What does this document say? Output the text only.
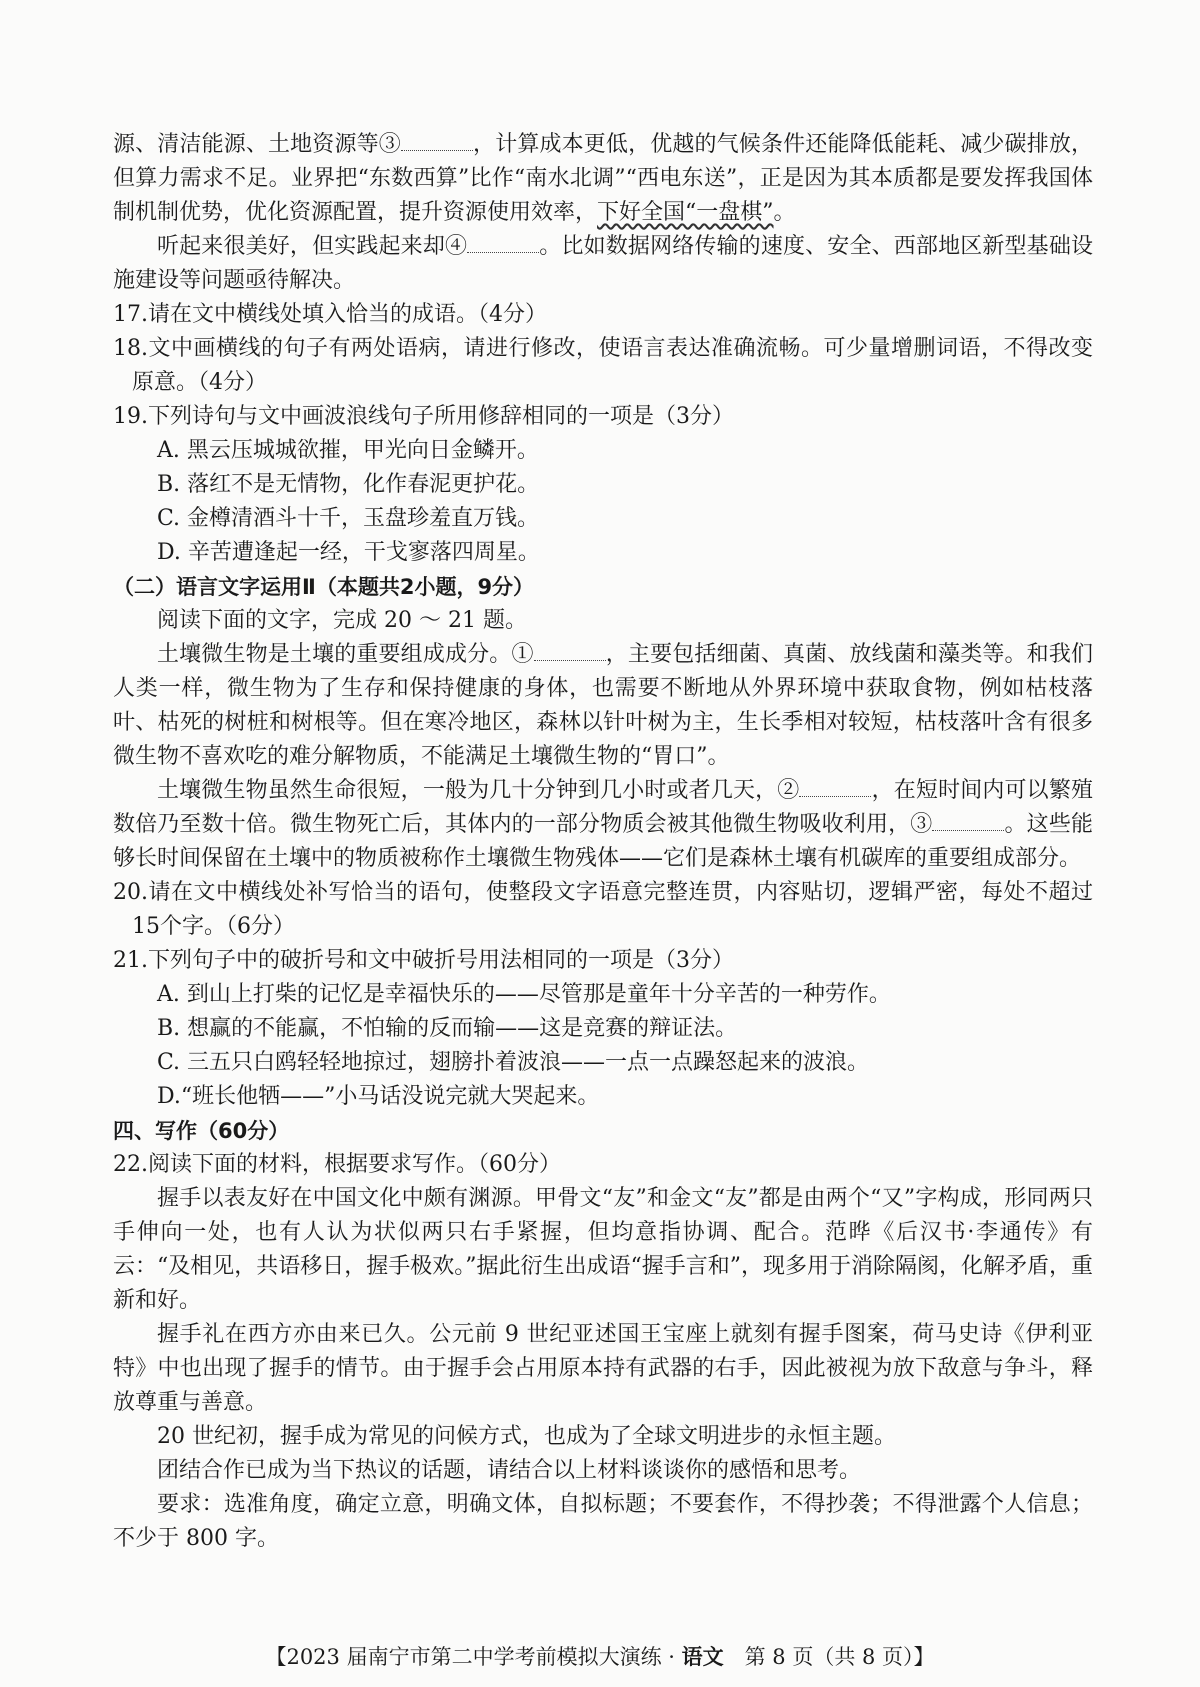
源、清洁能源、土地资源等③	，计算成本更低，优越的气候条件还能降低能耗、减少碳排放，但算力需求不足。业界把“东数西算”比作“南水北调”“西电东送”，正是因为其本质都是要发挥我国体制机制优势，优化资源配置，提升资源使用效率，下好全国“一盘棋”。

听起来很美好，但实践起来却④	。比如数据网络传输的速度、安全、西部地区新型基础设施建设等问题亟待解决。

17.请在文中横线处填入恰当的成语。（4分）

18.文中画横线的句子有两处语病，请进行修改，使语言表达准确流畅。可少量增删词语，不得改变原意。（4分）

19.下列诗句与文中画波浪线句子所用修辞相同的一项是（3分）

A. 黑云压城城欲摧，甲光向日金鳞开。

B. 落红不是无情物，化作春泥更护花。

C. 金樽清酒斗十千，玉盘珍羞直万钱。

D. 辛苦遭逢起一经，干戈寥落四周星。

（二）语言文字运用Ⅱ（本题共2小题，9分）

阅读下面的文字，完成 20 ～ 21 题。

土壤微生物是土壤的重要组成成分。①	，主要包括细菌、真菌、放线菌和藻类等。和我们人类一样，微生物为了生存和保持健康的身体，也需要不断地从外界环境中获取食物，例如枯枝落叶、枯死的树桩和树根等。但在寒冷地区，森林以针叶树为主，生长季相对较短，枯枝落叶含有很多微生物不喜欢吃的难分解物质，不能满足土壤微生物的“胃口”。

土壤微生物虽然生命很短，一般为几十分钟到几小时或者几天，②	，在短时间内可以繁殖数倍乃至数十倍。微生物死亡后，其体内的一部分物质会被其他微生物吸收利用，③	。这些能够长时间保留在土壤中的物质被称作土壤微生物残体——它们是森林土壤有机碳库的重要组成部分。

20.请在文中横线处补写恰当的语句，使整段文字语意完整连贯，内容贴切，逻辑严密，每处不超过15个字。（6分）

21.下列句子中的破折号和文中破折号用法相同的一项是（3分）

A. 到山上打柴的记忆是幸福快乐的——尽管那是童年十分辛苦的一种劳作。

B. 想赢的不能赢，不怕输的反而输——这是竞赛的辩证法。

C. 三五只白鸥轻轻地掠过，翅膀扑着波浪——一点一点躁怒起来的波浪。

D.“班长他牺——”小马话没说完就大哭起来。

四、写作（60分）

22.阅读下面的材料，根据要求写作。（60分）

握手以表友好在中国文化中颇有渊源。甲骨文“友”和金文“友”都是由两个“又”字构成，形同两只手伸向一处，也有人认为状似两只右手紧握，但均意指协调、配合。范晔《后汉书·李通传》有云：“及相见，共语移日，握手极欢。”据此衍生出成语“握手言和”，现多用于消除隔阂，化解矛盾，重新和好。

握手礼在西方亦由来已久。公元前 9 世纪亚述国王宝座上就刻有握手图案，荷马史诗《伊利亚特》中也出现了握手的情节。由于握手会占用原本持有武器的右手，因此被视为放下敌意与争斗，释放尊重与善意。

20 世纪初，握手成为常见的问候方式，也成为了全球文明进步的永恒主题。

团结合作已成为当下热议的话题，请结合以上材料谈谈你的感悟和思考。

要求：选准角度，确定立意，明确文体，自拟标题；不要套作，不得抄袭；不得泄露个人信息；不少于 800 字。

【2023 届南宁市第二中学考前模拟大演练 · 语文　第 8 页（共 8 页）】
